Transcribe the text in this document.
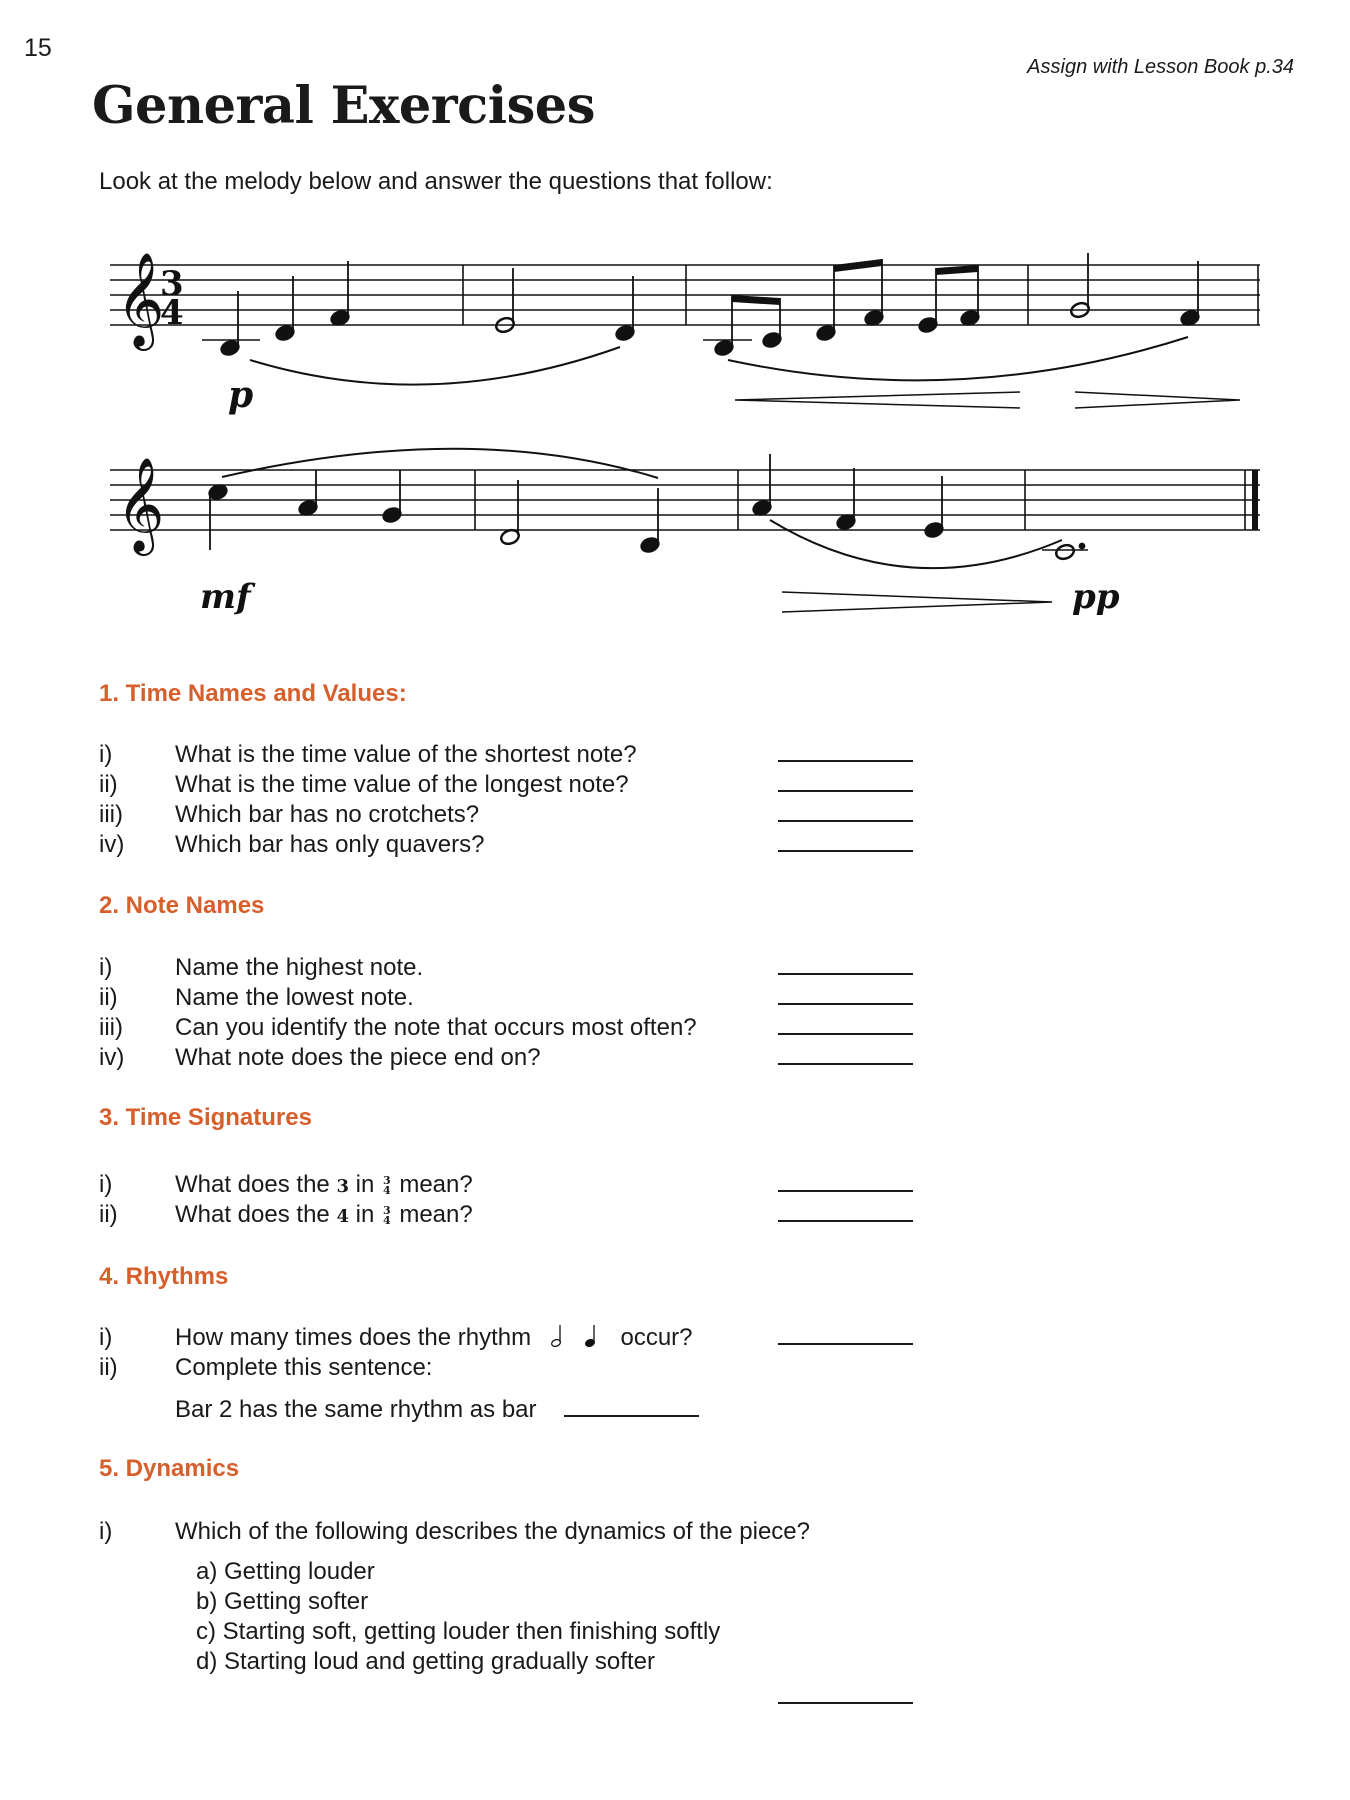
15
Assign with Lesson Book p.34
General Exercises
Look at the melody below and answer the questions that follow:
𝄞
3
4
p
𝄞
mf	pp
1. Time Names and Values:
i)	What is the time value of the shortest note?
ii) What is the time value of the longest note?
iii) Which bar has no crotchets?
iv) Which bar has only quavers?
2. Note Names
i)	Name the highest note.
ii) Name the lowest note.
iii) Can you identify the note that occurs most often?
iv) What note does the piece end on?
3. Time Signatures
i)	What does the 3 in 3
4 mean?
ii) What does the 4 in 3
4 mean?
4. Rhythms
i)	How many times does the rhythm	occur?
ii) Complete this sentence:
Bar 2 has the same rhythm as bar
5. Dynamics
i)	Which of the following describes the dynamics of the piece?
a) Getting louder
b) Getting softer
c) Starting soft, getting louder then finishing softly
d) Starting loud and getting gradually softer
